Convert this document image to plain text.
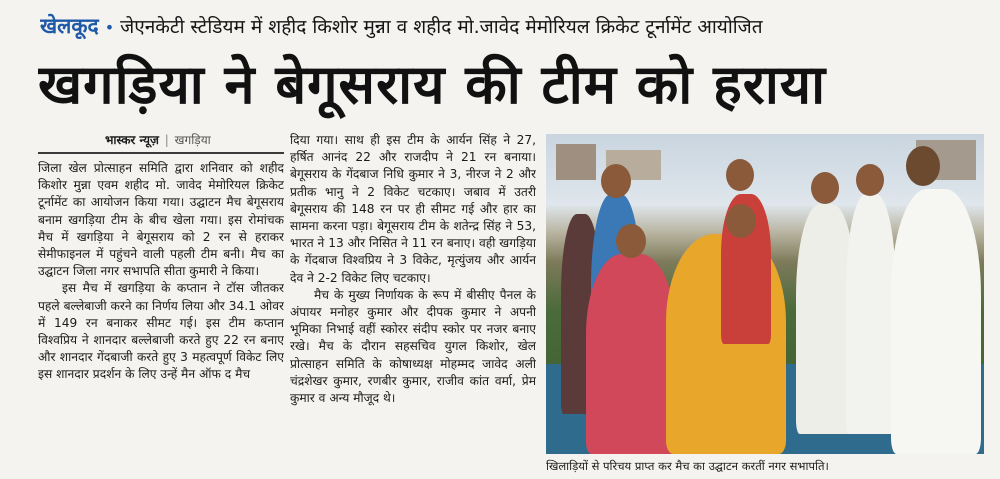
खेलकूद • जेएनकेटी स्टेडियम में शहीद किशोर मुन्ना व शहीद मो.जावेद मेमोरियल क्रिकेट टूर्नामेंट आयोजित
खगड़िया ने बेगूसराय की टीम को हराया
भास्कर न्यूज़ | खगड़िया

जिला खेल प्रोत्साहन समिति द्वारा शनिवार को शहीद किशोर मुन्ना एवम शहीद मो. जावेद मेमोरियल क्रिकेट टूर्नामेंट का आयोजन किया गया। उद्घाटन मैच बेगूसराय बनाम खगड़िया टीम के बीच खेला गया। इस रोमांचक मैच में खगड़िया ने बेगूसराय को 2 रन से हराकर सेमीफाइनल में पहुंचने वाली पहली टीम बनी। मैच का उद्घाटन जिला नगर सभापति सीता कुमारी ने किया।

इस मैच में खगड़िया के कप्तान ने टॉस जीतकर पहले बल्लेबाजी करने का निर्णय लिया और 34.1 ओवर में 149 रन बनाकर सीमट गई। इस टीम कप्तान विश्वप्रिय ने शानदार बल्लेबाजी करते हुए 22 रन बनाए और शानदार गेंदबाजी करते हुए 3 महत्वपूर्ण विकेट लिए इस शानदार प्रदर्शन के लिए उन्हें मैन ऑफ द मैच

दिया गया। साथ ही इस टीम के आर्यन सिंह ने 27, हर्षित आनंद 22 और राजदीप ने 21 रन बनाया। बेगूसराय के गेंदबाज निधि कुमार ने 3, नीरज ने 2 और प्रतीक भानु ने 2 विकेट चटकाए। जबाव में उतरी बेगूसराय की 148 रन पर ही सीमट गई और हार का सामना करना पड़ा। बेगूसराय टीम के शतेन्द्र सिंह ने 53, भारत ने 13 और निसित ने 11 रन बनाए। वही खगड़िया के गेंदबाज विश्वप्रिय ने 3 विकेट, मृत्युंजय और आर्यन देव ने 2-2 विकेट लिए चटकाए।

मैच के मुख्य निर्णायक के रूप में बीसीए पैनल के अंपायर मनोहर कुमार और दीपक कुमार ने अपनी भूमिका निभाई वहीं स्कोरर संदीप स्कोर पर नजर बनाए रखे। मैच के दौरान सहसचिव युगल किशोर, खेल प्रोत्साहन समिति के कोषाध्यक्ष मोहम्मद जावेद अली चंद्रशेखर कुमार, रणबीर कुमार, राजीव कांत वर्मा, प्रेम कुमार व अन्य मौजूद थे।

खिलाड़ियों से परिचय प्राप्त कर मैच का उद्घाटन करतीं नगर सभापति।
